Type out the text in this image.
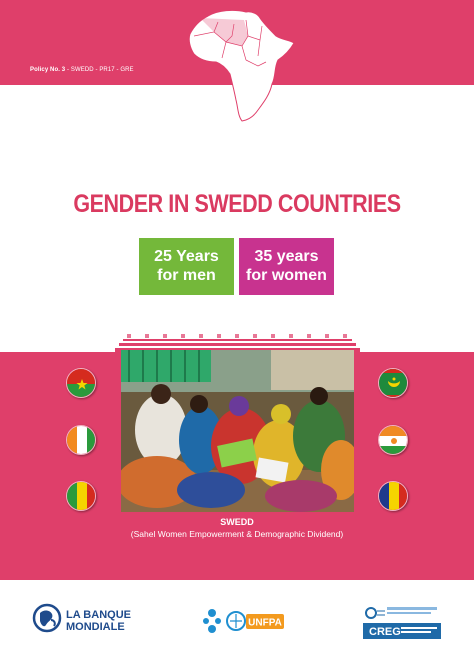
Policy No. 3 - SWEDD - PR17 - GRE
GENDER IN SWEDD COUNTRIES
25 Years
for men
35 years
for women
SWEDD
(Sahel Women Empowerment & Demographic Dividend)
LA BANQUE
MONDIALE	UNFPA
CREG
